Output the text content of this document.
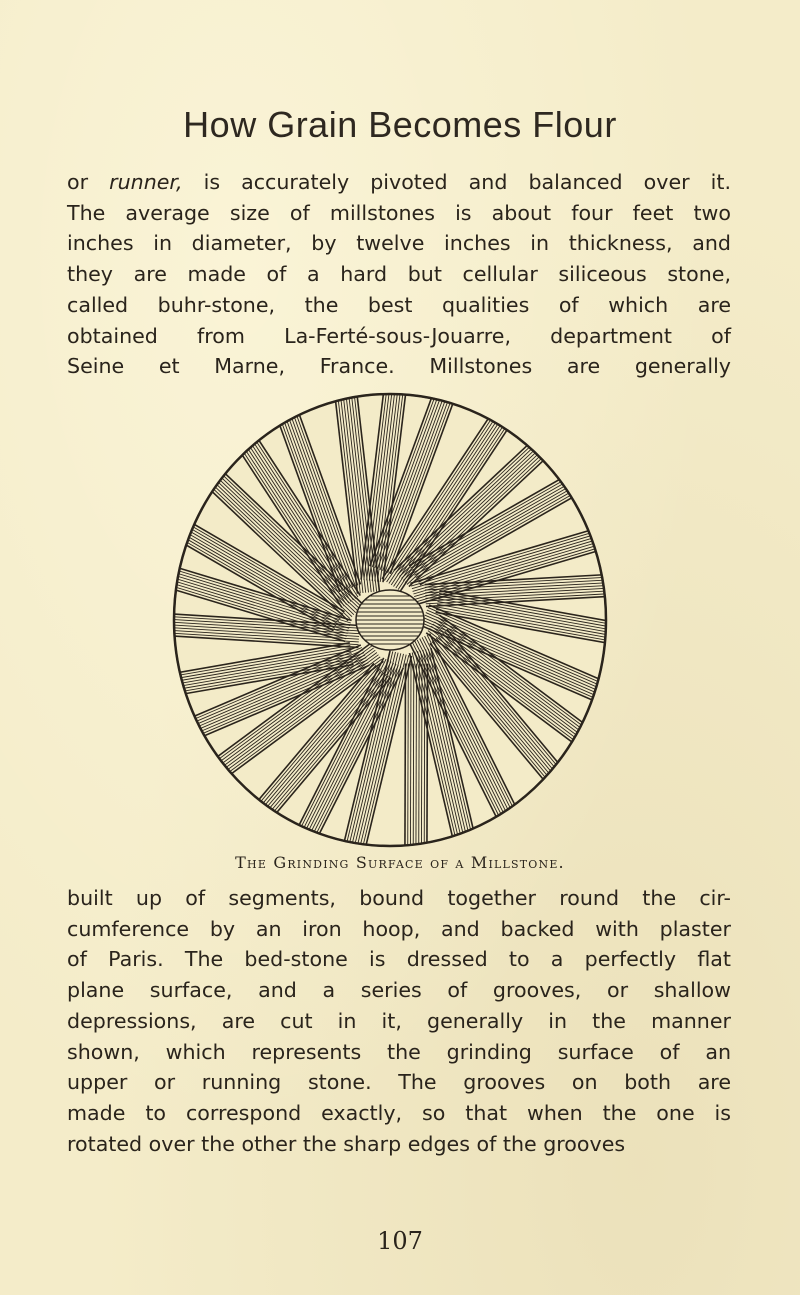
How Grain Becomes Flour
or runner, is accurately pivoted and balanced over it.
The average size of millstones is about four feet two
inches in diameter, by twelve inches in thickness, and
they are made of a hard but cellular siliceous stone,
called buhr-stone, the best qualities of which are
obtained from La-Ferté-sous-Jouarre, department of
Seine et Marne, France. Millstones are generally
The Grinding Surface of a Millstone.
built up of segments, bound together round the cir-
cumference by an iron hoop, and backed with plaster
of Paris. The bed-stone is dressed to a perfectly flat
plane surface, and a series of grooves, or shallow
depressions, are cut in it, generally in the manner
shown, which represents the grinding surface of an
upper or running stone. The grooves on both are
made to correspond exactly, so that when the one is
rotated over the other the sharp edges of the grooves
107
